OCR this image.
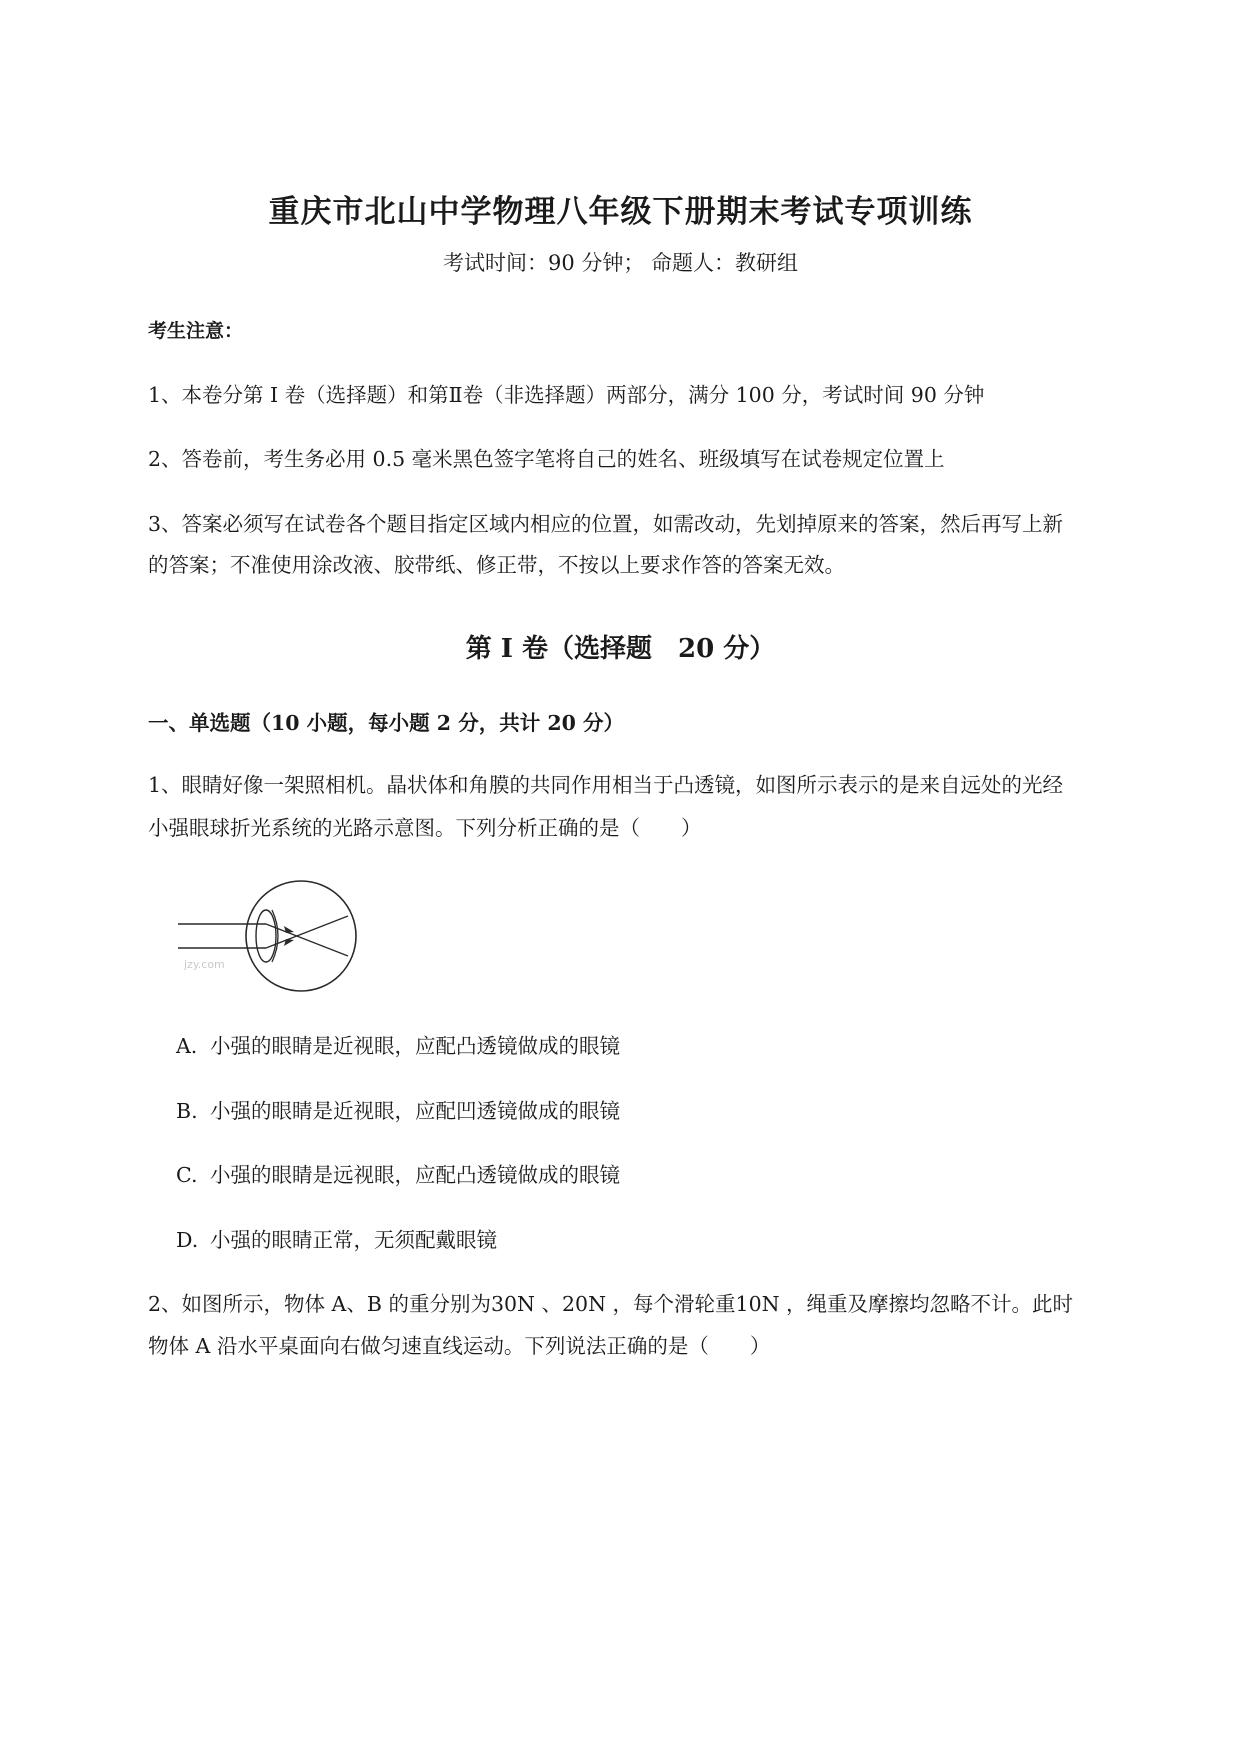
重庆市北山中学物理八年级下册期末考试专项训练
考试时间：90 分钟； 命题人：教研组
考生注意：
1、本卷分第 I 卷（选择题）和第Ⅱ卷（非选择题）两部分，满分 100 分，考试时间 90 分钟
2、答卷前，考生务必用 0.5 毫米黑色签字笔将自己的姓名、班级填写在试卷规定位置上
3、答案必须写在试卷各个题目指定区域内相应的位置，如需改动，先划掉原来的答案，然后再写上新
的答案；不准使用涂改液、胶带纸、修正带，不按以上要求作答的答案无效。
第 I 卷（选择题　20 分）
一、单选题（10 小题，每小题 2 分，共计 20 分）
1、眼睛好像一架照相机。晶状体和角膜的共同作用相当于凸透镜，如图所示表示的是来自远处的光经
小强眼球折光系统的光路示意图。下列分析正确的是（　　）
jzy.com
A. 小强的眼睛是近视眼，应配凸透镜做成的眼镜
B. 小强的眼睛是近视眼，应配凹透镜做成的眼镜
C. 小强的眼睛是远视眼，应配凸透镜做成的眼镜
D. 小强的眼睛正常，无须配戴眼镜
2、如图所示，物体 A、B 的重分别为30N 、20N ，每个滑轮重10N ，绳重及摩擦均忽略不计。此时
物体 A 沿水平桌面向右做匀速直线运动。下列说法正确的是（　　）
